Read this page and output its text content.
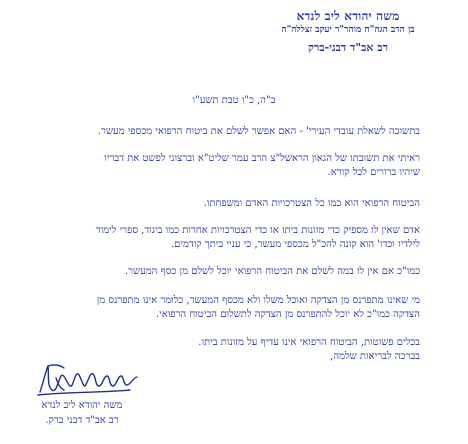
משה יהודא ליב לנדא
בן הרב הגה"ח מוהר"ר יעקב זצללה"ה
רב אב"ד דבני-ברק
ב"ה, כ"ו טבת תשע"ו
בתשובה לשאלת עובדי העירי' - האם אפשר לשלם את ביטוח הרפואי מכספי מעשר.
ראיתי את תשובתו של הגאון הראשל"צ הרב עמר שליט"א וברצוני לפשט את דבריו
שיהיו ברורים לכל קורא.
הביטוח הרפואי הוא כמו כל הצטרכויות האדם ומשפחתו.
אדם שאין לו מספיק כדי מזונות ביתו או כדי הצטרכויות אחרות כמו ביגוד, ספרי לימוד
לילדיו וכדו' הוא קונה להכ"ל מכספי מעשר, כי עניי ביתך קודמים.
כמו"כ אם אין לו במה לשלם את הביטוח הרפואי יוכל לשלם מן כסף המעשר.
מי שאינו מתפרנס מן הצדקה ואוכל משלו ולא מכסף המעשר, כלומר אינו מתפרנס מן
הצדקה כמו"כ לא יוכל להתפרנס מן הצדקה לתשלום הביטוח הרפואי.
בכלים פשוטות, הביטוח הרפואי אינו עדיף על מזונות ביתו.
בברכה לבריאות שלמה,
משה יהודא ליב לנדא
רב אב"ד דבני ברק.
